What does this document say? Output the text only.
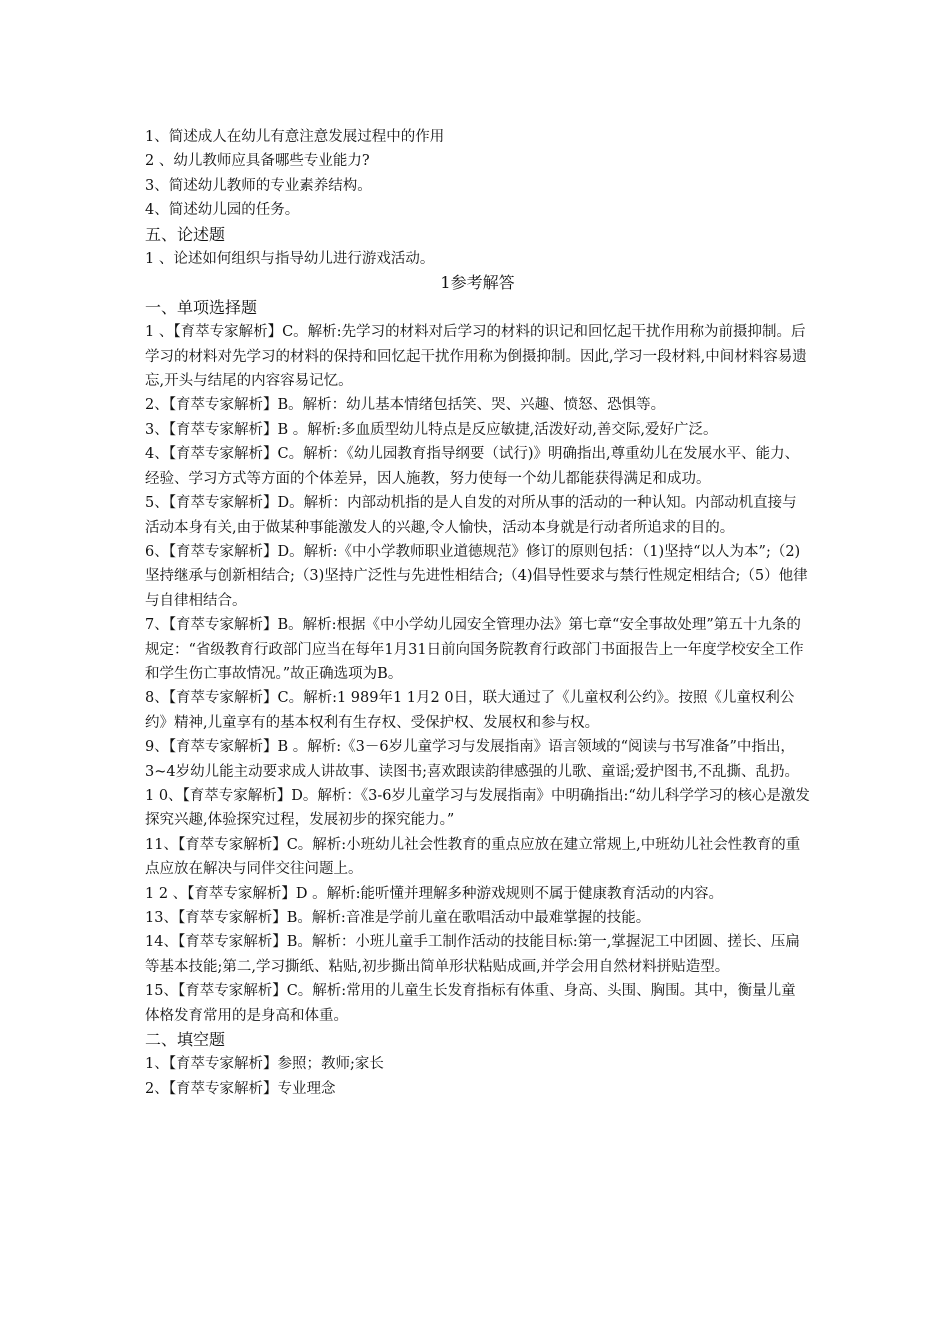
1、简述成人在幼儿有意注意发展过程中的作用
2 、幼儿教师应具备哪些专业能力?
3、简述幼儿教师的专业素养结构。
4、简述幼儿园的任务。
五、论述题
1 、论述如何组织与指导幼儿进行游戏活动。
1参考解答
一、单项选择题
1 、【育萃专家解析】C。解析:先学习的材料对后学习的材料的识记和回忆起干扰作用称为前摄抑制。后学习的材料对先学习的材料的保持和回忆起干扰作用称为倒摄抑制。因此,学习一段材料,中间材料容易遗忘,开头与结尾的内容容易记忆。
2、【育萃专家解析】B。解析：幼儿基本情绪包括笑、哭、兴趣、愤怒、恐惧等。
3、【育萃专家解析】B 。解析:多血质型幼儿特点是反应敏捷,活泼好动,善交际,爱好广泛。
4、【育萃专家解析】C。解析：《幼儿园教育指导纲要（试行)》明确指出,尊重幼儿在发展水平、能力、经验、学习方式等方面的个体差异，因人施教，努力使每一个幼儿都能获得满足和成功。
5、【育萃专家解析】D。解析：内部动机指的是人自发的对所从事的活动的一种认知。内部动机直接与活动本身有关,由于做某种事能激发人的兴趣,令人愉快，活动本身就是行动者所追求的目的。
6、【育萃专家解析】D。解析:《中小学教师职业道德规范》修订的原则包括：（1)坚持“以人为本”;（2)坚持继承与创新相结合;（3)坚持广泛性与先进性相结合;（4)倡导性要求与禁行性规定相结合;（5）他律与自律相结合。
7、【育萃专家解析】B。解析:根据《中小学幼儿园安全管理办法》第七章“安全事故处理”第五十九条的规定：“省级教育行政部门应当在每年1月31日前向国务院教育行政部门书面报告上一年度学校安全工作和学生伤亡事故情况。”故正确选项为B。
8、【育萃专家解析】C。解析:1 989年1 1月2 0日，联大通过了《儿童权利公约》。按照《儿童权利公约》精神,儿童享有的基本权利有生存权、受保护权、发展权和参与权。
9、【育萃专家解析】B 。解析:《3－6岁儿童学习与发展指南》语言领域的“阅读与书写准备”中指出，3~4岁幼儿能主动要求成人讲故事、读图书;喜欢跟读韵律感强的儿歌、童谣;爱护图书,不乱撕、乱扔。
1 0、【育萃专家解析】D。解析：《3-6岁儿童学习与发展指南》中明确指出:“幼儿科学学习的核心是激发探究兴趣,体验探究过程，发展初步的探究能力。”
11、【育萃专家解析】C。解析:小班幼儿社会性教育的重点应放在建立常规上,中班幼儿社会性教育的重点应放在解决与同伴交往问题上。
1 2 、【育萃专家解析】D 。解析:能听懂并理解多种游戏规则不属于健康教育活动的内容。
13、【育萃专家解析】B。解析:音准是学前儿童在歌唱活动中最难掌握的技能。
14、【育萃专家解析】B。解析：小班儿童手工制作活动的技能目标:第一,掌握泥工中团圆、搓长、压扁等基本技能;第二,学习撕纸、粘贴,初步撕出简单形状粘贴成画,并学会用自然材料拼贴造型。
15、【育萃专家解析】C。解析:常用的儿童生长发育指标有体重、身高、头围、胸围。其中，衡量儿童体格发育常用的是身高和体重。
二、填空题
1、【育萃专家解析】参照；教师;家长
2、【育萃专家解析】专业理念
